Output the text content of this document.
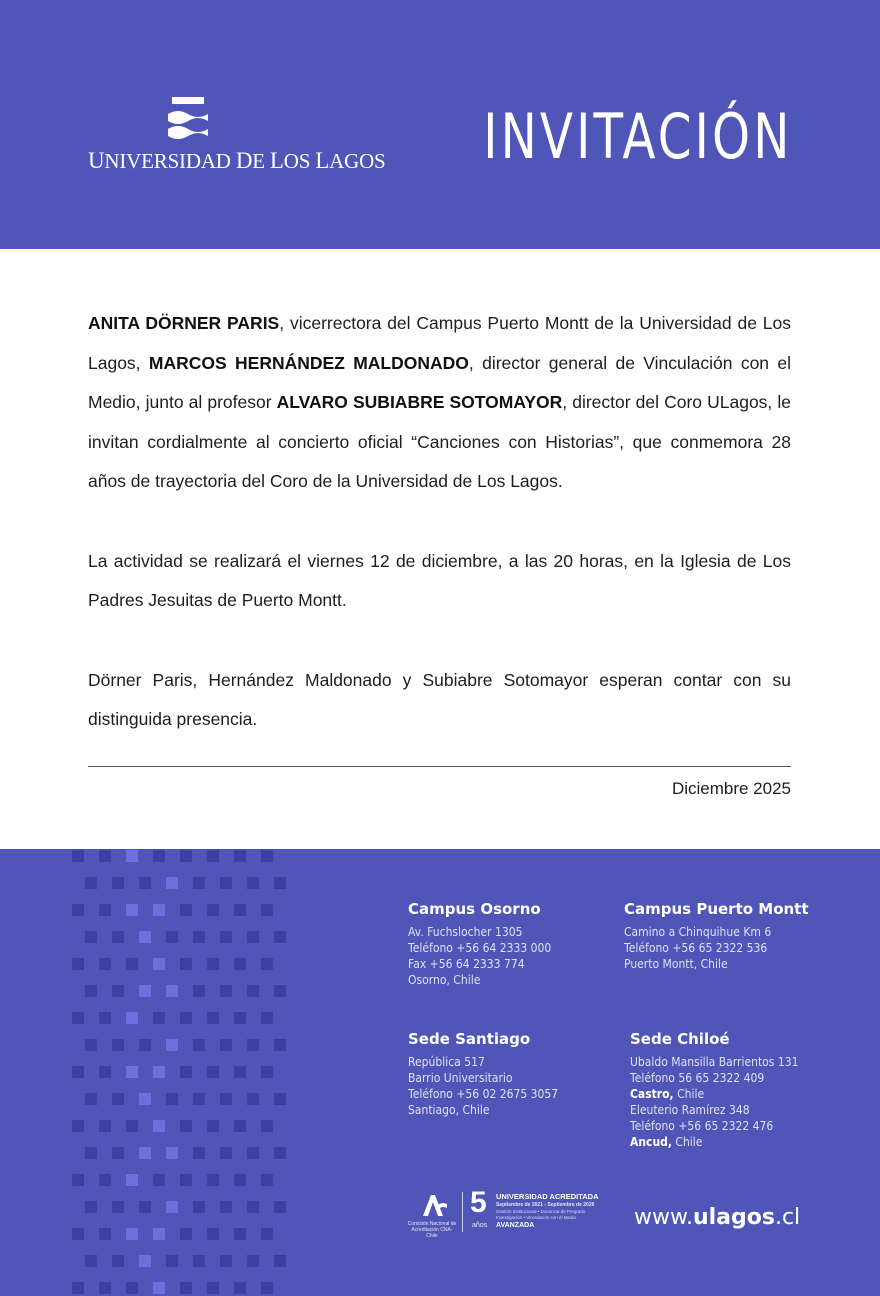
UNIVERSIDAD DE LOS LAGOS INVITACIÓN

ANITA DÖRNER PARIS, vicerrectora del Campus Puerto Montt de la Universidad de Los Lagos, MARCOS HERNÁNDEZ MALDONADO, director general de Vinculación con el Medio, junto al profesor ALVARO SUBIABRE SOTOMAYOR, director del Coro ULagos, le invitan cordialmente al concierto oficial “Canciones con Historias”, que conmemora 28 años de trayectoria del Coro de la Universidad de Los Lagos.

La actividad se realizará el viernes 12 de diciembre, a las 20 horas, en la Iglesia de Los Padres Jesuitas de Puerto Montt.

Dörner Paris, Hernández Maldonado y Subiabre Sotomayor esperan contar con su distinguida presencia.

Diciembre 2025
Campus Osorno
Av. Fuchslocher 1305
Teléfono +56 64 2333 000
Fax +56 64 2333 774
Osorno, Chile
Campus Puerto Montt
Camino a Chinquihue Km 6
Teléfono +56 65 2322 536
Puerto Montt, Chile
Sede Santiago
República 517
Barrio Universitario
Teléfono +56 02 2675 3057
Santiago, Chile
Sede Chiloé
Ubaldo Mansilla Barrientos 131
Teléfono 56 65 2322 409
Castro, Chile
Eleuterio Ramírez 348
Teléfono +56 65 2322 476
Ancud, Chile
Comisión Nacional de Acreditación CNA-Chile
5
años
UNIVERSIDAD ACREDITADA
Septiembre de 2021 - Septiembre de 2026
Gestión Institucional • Docencia de Pregrado
Investigación • Vinculación con el Medio
AVANZADA	www.ulagos.cl
